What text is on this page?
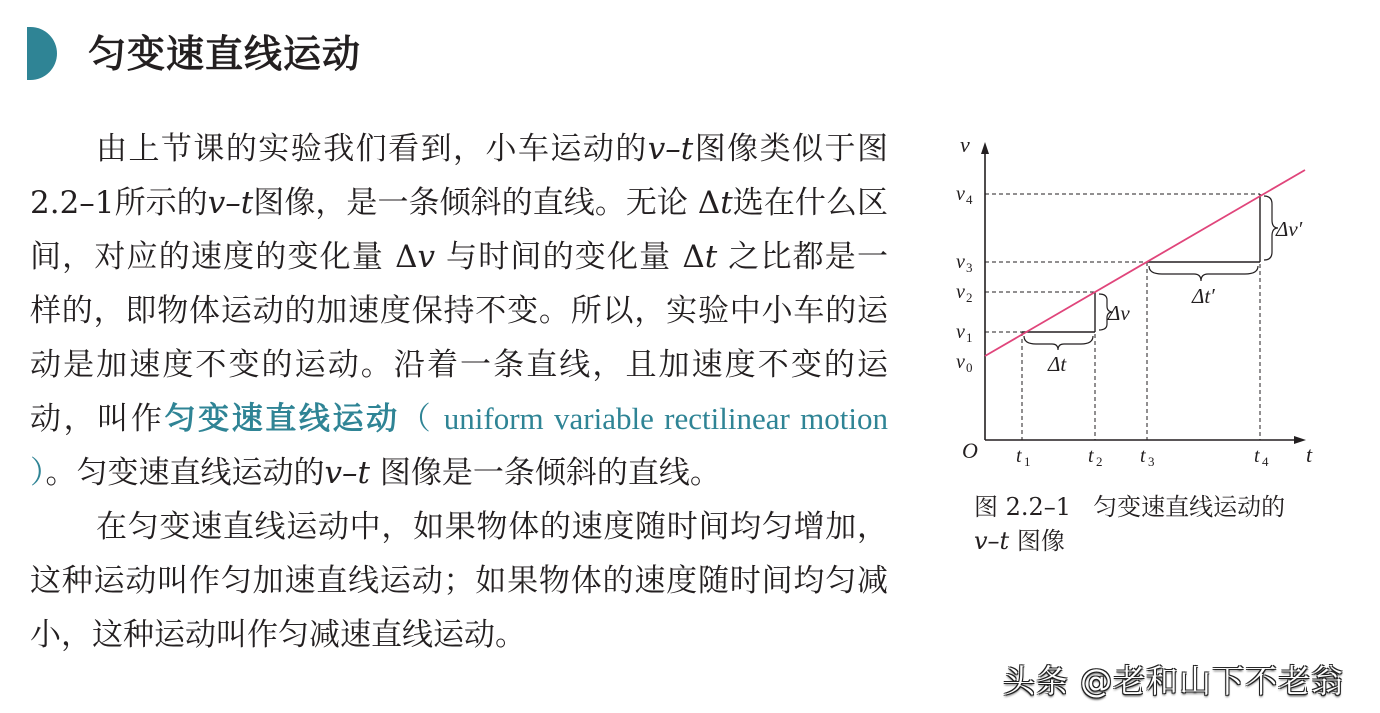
匀变速直线运动

由上节课的实验我们看到，小车运动的v–t图像类似于图2.2–1所示的v–t图像，是一条倾斜的直线。无论 Δt选在什么区间，对应的速度的变化量 Δv 与时间的变化量 Δt 之比都是一样的，即物体运动的加速度保持不变。所以，实验中小车的运动是加速度不变的运动。沿着一条直线，且加速度不变的运动，叫作匀变速直线运动（ uniform variable rectilinear motion ）。匀变速直线运动的v–t 图像是一条倾斜的直线。

在匀变速直线运动中，如果物体的速度随时间均匀增加，这种运动叫作匀加速直线运动；如果物体的速度随时间均匀减小，这种运动叫作匀减速直线运动。

v
t
O
v 4
v 3
v 2
v 1
v 0
t 1	t 2 t 3	t 4
Δt
Δv
Δt′
Δv′
图 2.2–1 匀变速直线运动的
v–t 图像
头条 @老和山下不老翁
